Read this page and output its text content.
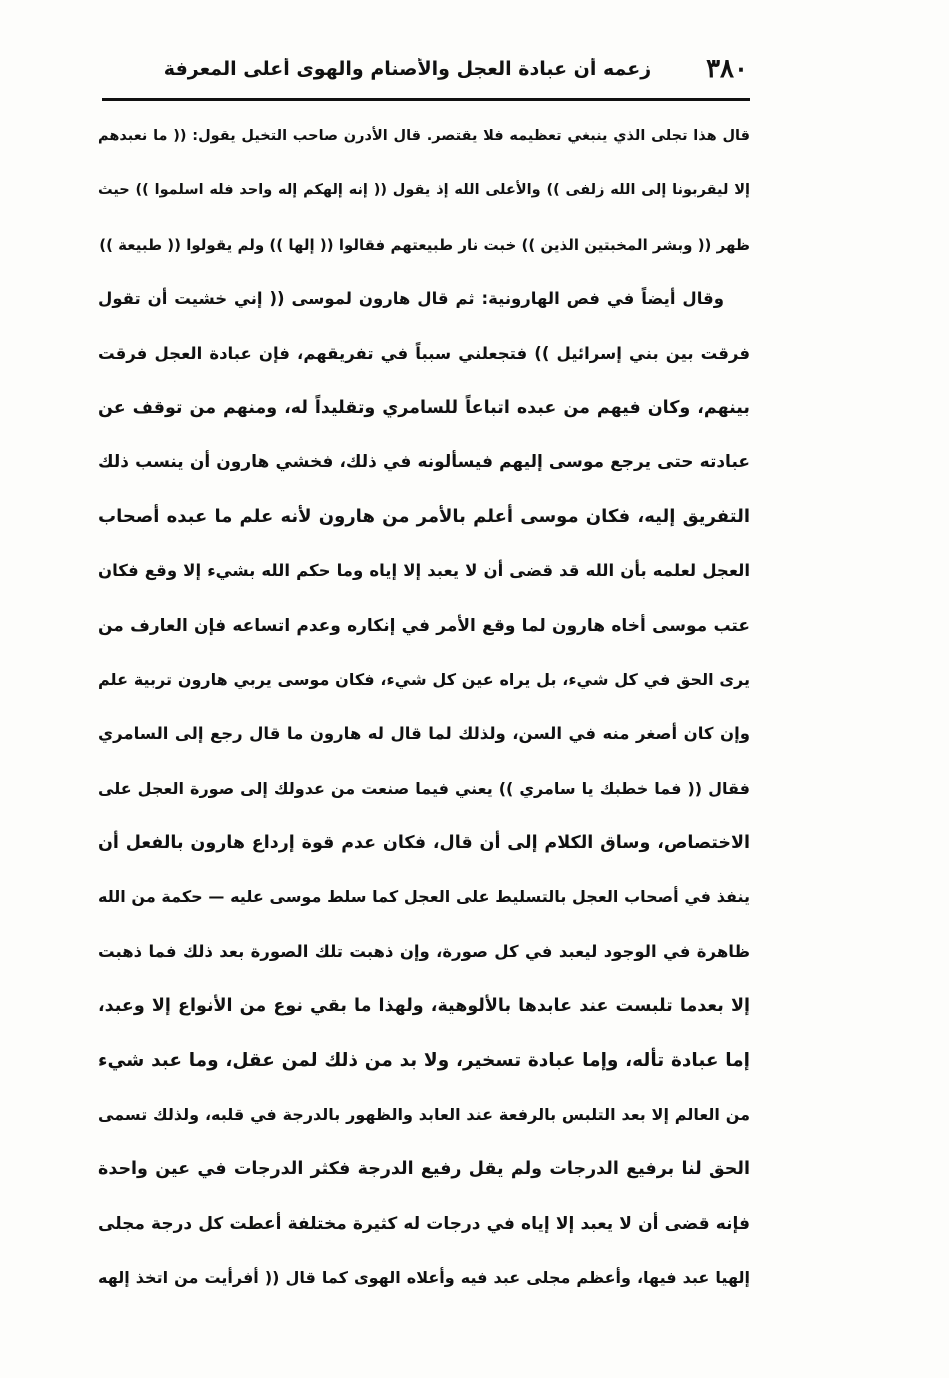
زعمه أن عبادة العجل والأصنام والهوى أعلى المعرفة	٣٨٠
قال هذا تجلى الذي ينبغي تعظيمه فلا يقتصر. قال الأدرن صاحب التخيل يقول: (( ما نعبدهم
إلا ليقربونا إلى الله زلفى )) والأعلى الله إذ يقول (( إنه إلهكم إله واحد فله اسلموا )) حيث
ظهر (( وبشر المخبتين الذين )) خبت نار طبيعتهم فقالوا (( إلها )) ولم يقولوا (( طبيعة ))
وقال أيضاً في فص الهارونية: ثم قال هارون لموسى (( إني خشيت أن تقول
فرقت بين بني إسرائيل )) فتجعلني سبباً في تفريقهم، فإن عبادة العجل فرقت
بينهم، وكان فيهم من عبده اتباعاً للسامري وتقليداً له، ومنهم من توقف عن
عبادته حتى يرجع موسى إليهم فيسألونه في ذلك، فخشي هارون أن ينسب ذلك
التفريق إليه، فكان موسى أعلم بالأمر من هارون لأنه علم ما عبده أصحاب
العجل لعلمه بأن الله قد قضى أن لا يعبد إلا إياه وما حكم الله بشيء إلا وقع فكان
عتب موسى أخاه هارون لما وقع الأمر في إنكاره وعدم اتساعه فإن العارف من
يرى الحق في كل شيء، بل يراه عين كل شيء، فكان موسى يربي هارون تربية علم
وإن كان أصغر منه في السن، ولذلك لما قال له هارون ما قال رجع إلى السامري
فقال (( فما خطبك يا سامري )) يعني فيما صنعت من عدولك إلى صورة العجل على
الاختصاص، وساق الكلام إلى أن قال، فكان عدم قوة إرداع هارون بالفعل أن
ينفذ في أصحاب العجل بالتسليط على العجل كما سلط موسى عليه — حكمة من الله
ظاهرة في الوجود ليعبد في كل صورة، وإن ذهبت تلك الصورة بعد ذلك فما ذهبت
إلا بعدما تلبست عند عابدها بالألوهية، ولهذا ما بقي نوع من الأنواع إلا وعبد،
إما عبادة تأله، وإما عبادة تسخير، ولا بد من ذلك لمن عقل، وما عبد شيء
من العالم إلا بعد التلبس بالرفعة عند العابد والظهور بالدرجة في قلبه، ولذلك تسمى
الحق لنا برفيع الدرجات ولم يقل رفيع الدرجة فكثر الدرجات في عين واحدة
فإنه قضى أن لا يعبد إلا إياه في درجات له كثيرة مختلفة أعطت كل درجة مجلى
إلهيا عبد فيها، وأعظم مجلى عبد فيه وأعلاه الهوى كما قال (( أفرأيت من اتخذ إلهه
